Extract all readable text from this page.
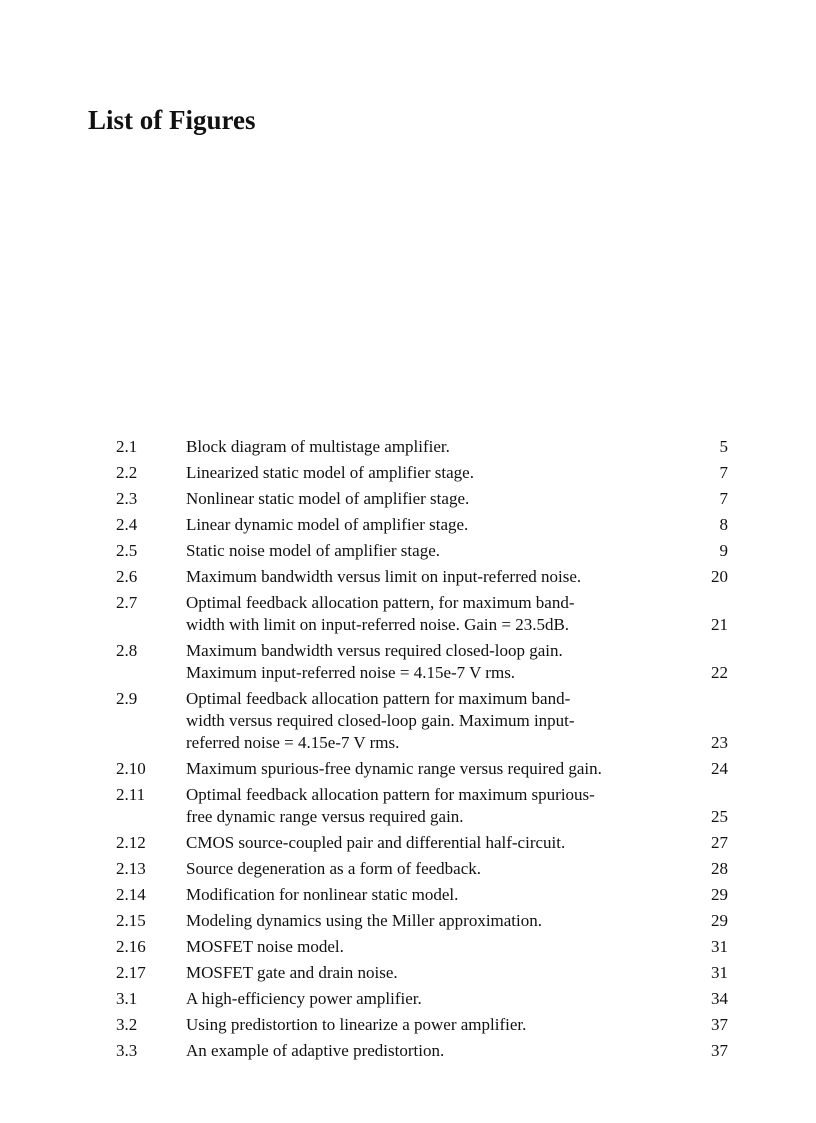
List of Figures
2.1	Block diagram of multistage amplifier.	5
2.2	Linearized static model of amplifier stage.	7
2.3	Nonlinear static model of amplifier stage.	7
2.4	Linear dynamic model of amplifier stage.	8
2.5	Static noise model of amplifier stage.	9
2.6	Maximum bandwidth versus limit on input-referred noise.	20
2.7	Optimal feedback allocation pattern, for maximum band-
width with limit on input-referred noise. Gain = 23.5dB.	21
2.8	Maximum bandwidth versus required closed-loop gain.
Maximum input-referred noise = 4.15e-7 V rms.	22
2.9	Optimal feedback allocation pattern for maximum band-
width versus required closed-loop gain. Maximum input-
referred noise = 4.15e-7 V rms.	23
2.10	Maximum spurious-free dynamic range versus required gain.	24
2.11	Optimal feedback allocation pattern for maximum spurious-
free dynamic range versus required gain.	25
2.12	CMOS source-coupled pair and differential half-circuit.	27
2.13	Source degeneration as a form of feedback.	28
2.14	Modification for nonlinear static model.	29
2.15	Modeling dynamics using the Miller approximation.	29
2.16	MOSFET noise model.	31
2.17	MOSFET gate and drain noise.	31
3.1	A high-efficiency power amplifier.	34
3.2	Using predistortion to linearize a power amplifier.	37
3.3	An example of adaptive predistortion.	37
